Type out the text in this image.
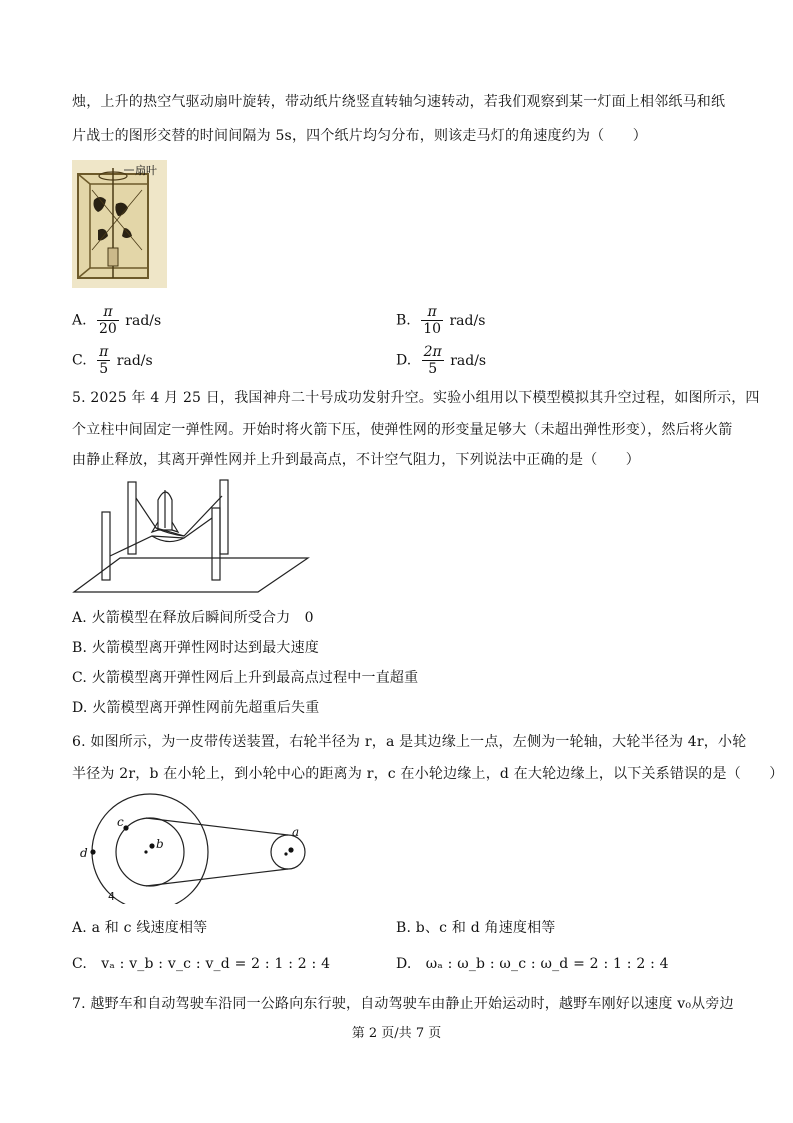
烛，上升的热空气驱动扇叶旋转，带动纸片绕竖直转轴匀速转动，若我们观察到某一灯面上相邻纸马和纸
片战士的图形交替的时间间隔为 5s，四个纸片均匀分布，则该走马灯的角速度约为（　　）
扇叶
A. $\frac{\pi}{20} rad/s$	B. $\frac{\pi}{10} rad/s$
C. $\frac{\pi}{5} rad/s$	D. $\frac{2\pi}{5} rad/s$
5. 2025 年 4 月 25 日，我国神舟二十号成功发射升空。实验小组用以下模型模拟其升空过程，如图所示，四
个立柱中间固定一弹性网。开始时将火箭下压，使弹性网的形变量足够大（未超出弹性形变），然后将火箭
由静止释放，其离开弹性网并上升到最高点，不计空气阻力，下列说法中正确的是（　　）
A. 火箭模型在释放后瞬间所受合力　0
B. 火箭模型离开弹性网时达到最大速度
C. 火箭模型离开弹性网后上升到最高点过程中一直超重
D. 火箭模型离开弹性网前先超重后失重
6. 如图所示，为一皮带传送装置，右轮半径为 r，a 是其边缘上一点，左侧为一轮轴，大轮半径为 4r，小轮
半径为 2r，b 在小轮上，到小轮中心的距离为 r，c 在小轮边缘上，d 在大轮边缘上，以下关系错误的是（　　）
c
b
d
a
4
A. a 和 c 线速度相等	B. b、c 和 d 角速度相等
C.　vₐ : v_b : v_c : v_d = 2 : 1 : 2 : 4	D.　ωₐ : ω_b : ω_c : ω_d = 2 : 1 : 2 : 4
7. 越野车和自动驾驶车沿同一公路向东行驶，自动驾驶车由静止开始运动时，越野车刚好以速度 v₀从旁边
第 2 页/共 7 页
